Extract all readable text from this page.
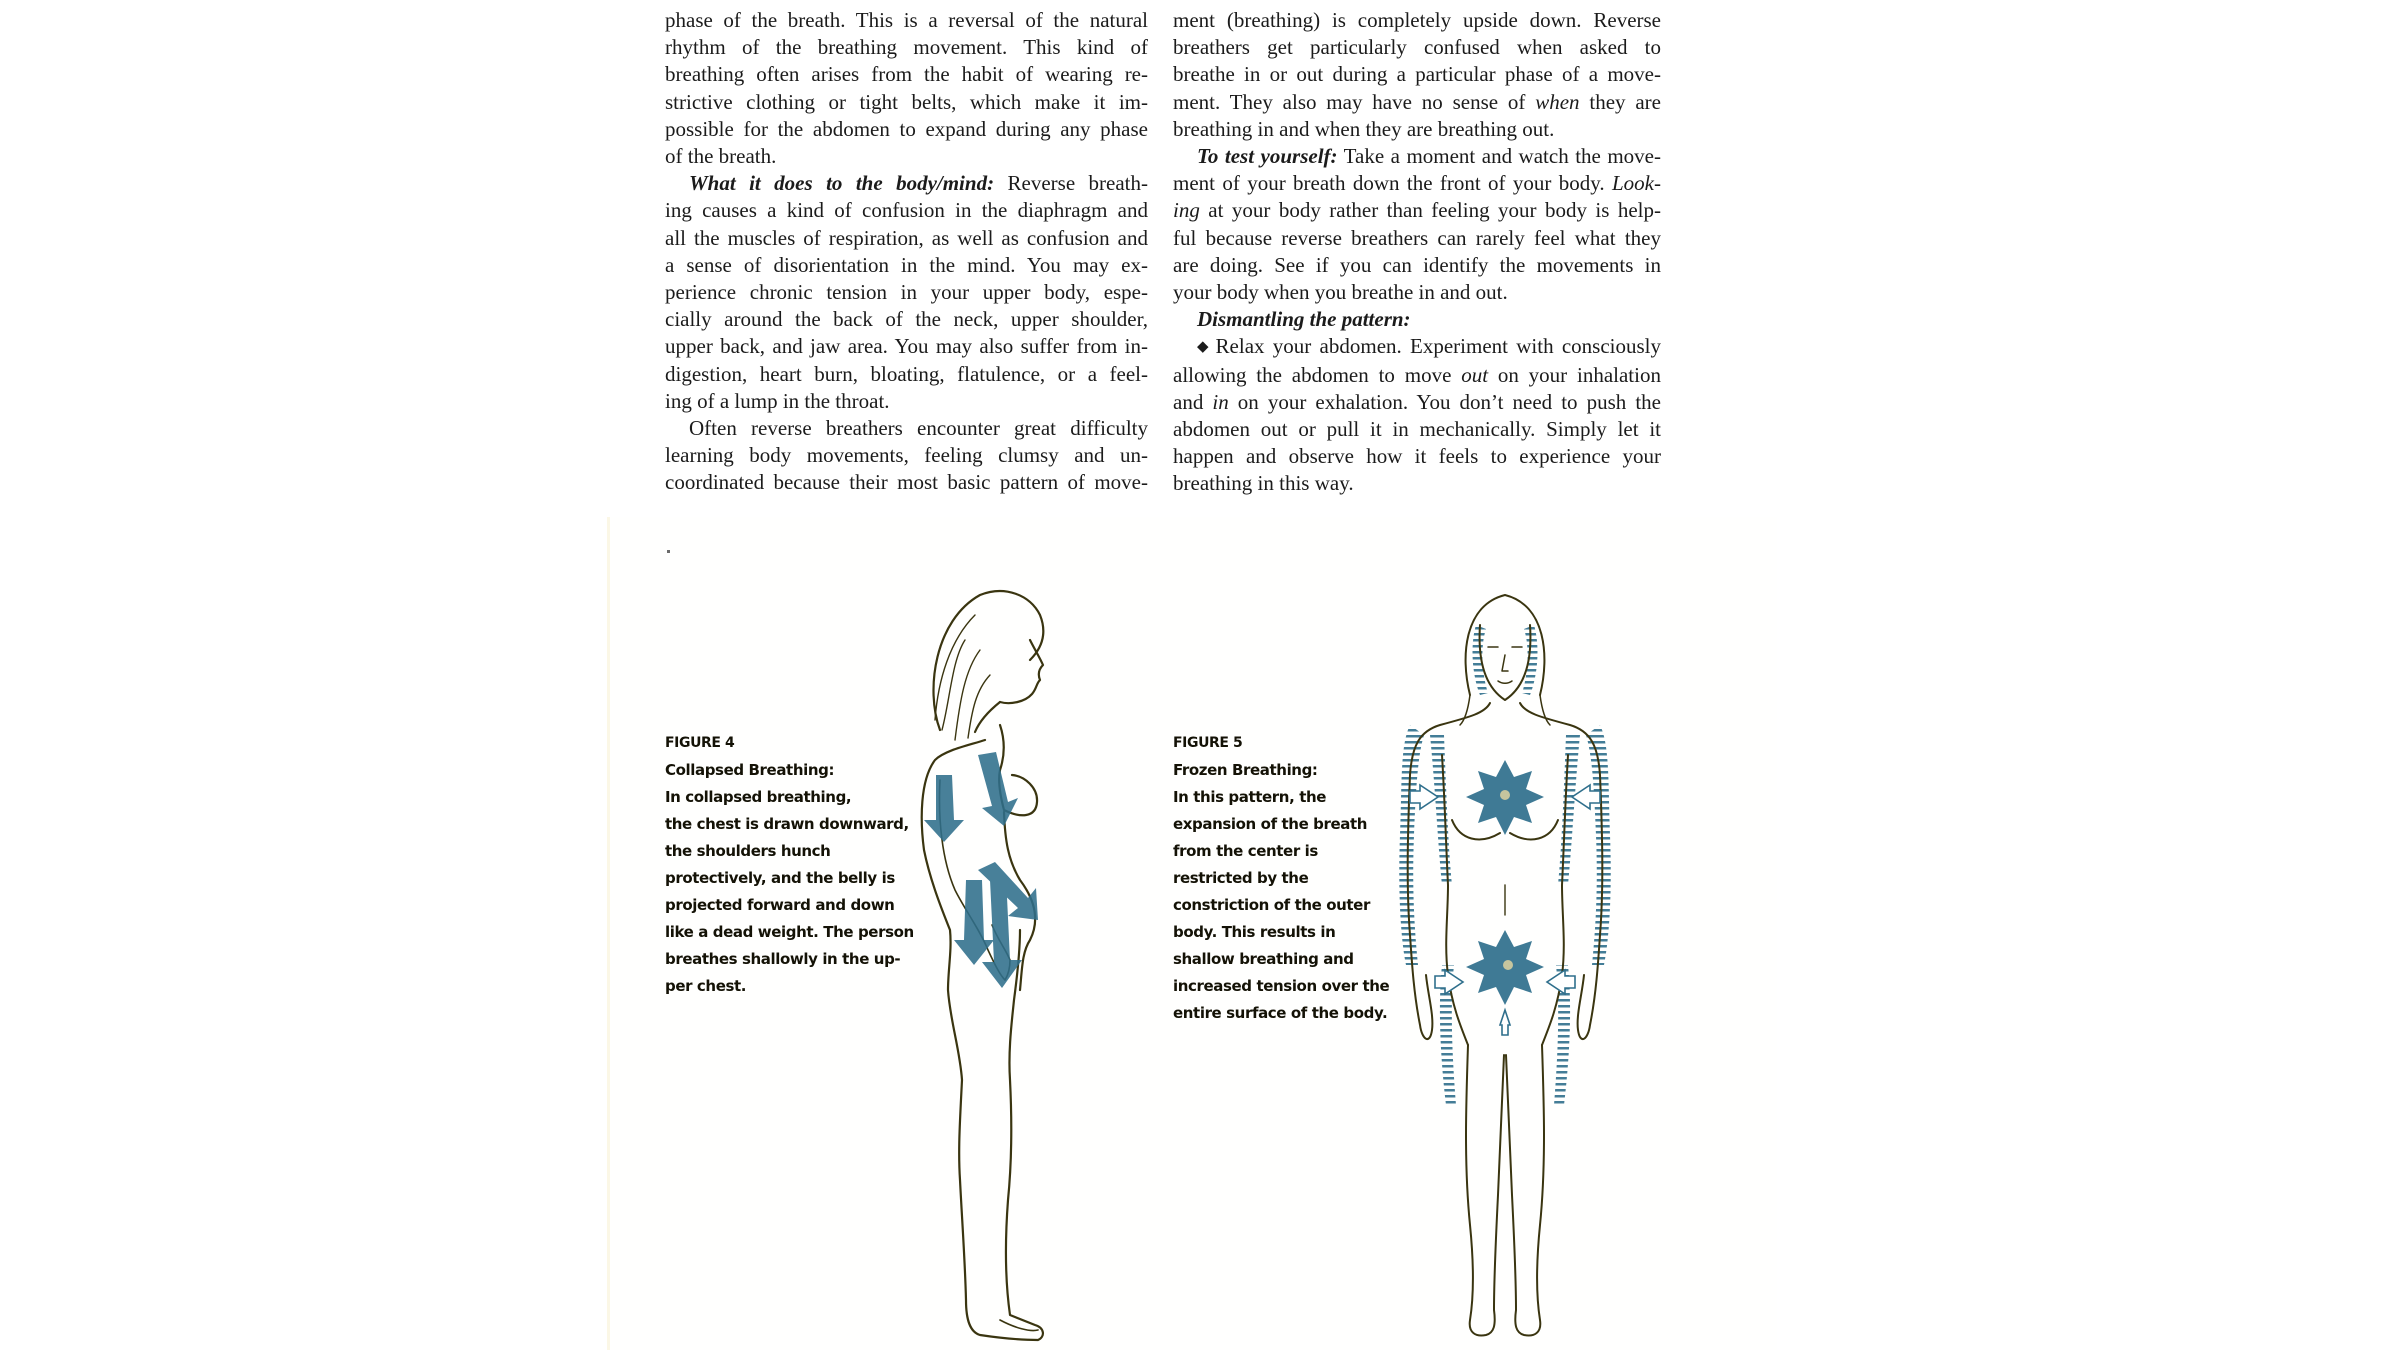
phase of the breath. This is a reversal of the natural
rhythm of the breathing movement. This kind of
breathing often arises from the habit of wearing re-
strictive clothing or tight belts, which make it im-
possible for the abdomen to expand during any phase
of the breath.
What it does to the body/mind: Reverse breath-
ing causes a kind of confusion in the diaphragm and
all the muscles of respiration, as well as confusion and
a sense of disorientation in the mind. You may ex-
perience chronic tension in your upper body, espe-
cially around the back of the neck, upper shoulder,
upper back, and jaw area. You may also suffer from in-
digestion, heart burn, bloating, flatulence, or a feel-
ing of a lump in the throat.
Often reverse breathers encounter great difficulty
learning body movements, feeling clumsy and un-
coordinated because their most basic pattern of move-
ment (breathing) is completely upside down. Reverse
breathers get particularly confused when asked to
breathe in or out during a particular phase of a move-
ment. They also may have no sense of when they are
breathing in and when they are breathing out.
To test yourself: Take a moment and watch the move-
ment of your breath down the front of your body. Look-
ing at your body rather than feeling your body is help-
ful because reverse breathers can rarely feel what they
are doing. See if you can identify the movements in
your body when you breathe in and out.
Dismantling the pattern:
◆ Relax your abdomen. Experiment with consciously
allowing the abdomen to move out on your inhalation
and in on your exhalation. You don’t need to push the
abdomen out or pull it in mechanically. Simply let it
happen and observe how it feels to experience your
breathing in this way.
FIGURE 4
Collapsed Breathing:
In collapsed breathing,
the chest is drawn downward,
the shoulders hunch
protectively, and the belly is
projected forward and down
like a dead weight. The person
breathes shallowly in the up-
per chest.
FIGURE 5
Frozen Breathing:
In this pattern, the
expansion of the breath
from the center is
restricted by the
constriction of the outer
body. This results in
shallow breathing and
increased tension over the
entire surface of the body.
